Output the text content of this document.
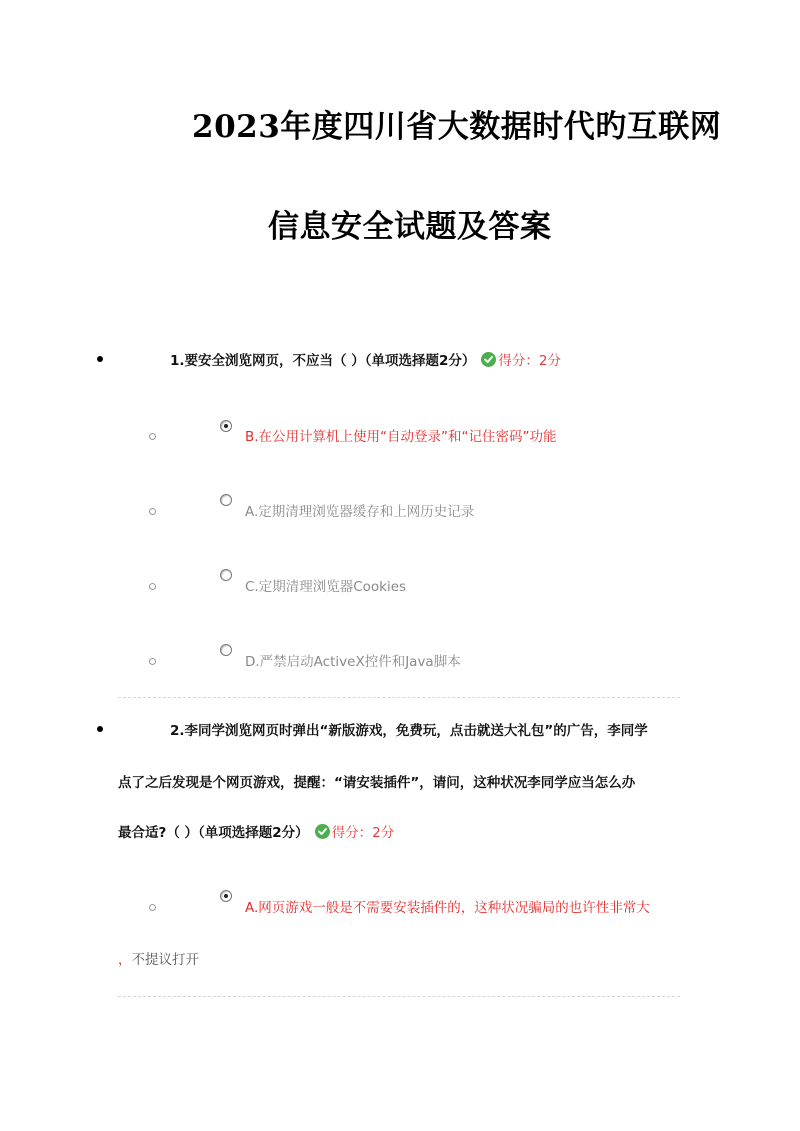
2023年度四川省大数据时代旳互联网
信息安全试题及答案
1.要安全浏览网页，不应当（ ）（单项选择题2分） 得分：2分
B.在公用计算机上使用“自动登录”和“记住密码”功能
A.定期清理浏览器缓存和上网历史记录
C.定期清理浏览器Cookies
D.严禁启动ActiveX控件和Java脚本
2.李同学浏览网页时弹出“新版游戏，免费玩，点击就送大礼包”的广告，李同学
点了之后发现是个网页游戏，提醒：“请安装插件”，请问，这种状况李同学应当怎么办
最合适?（ ）（单项选择题2分） 得分：2分
A.网页游戏一般是不需要安装插件的，这种状况骗局的也许性非常大
，不提议打开
